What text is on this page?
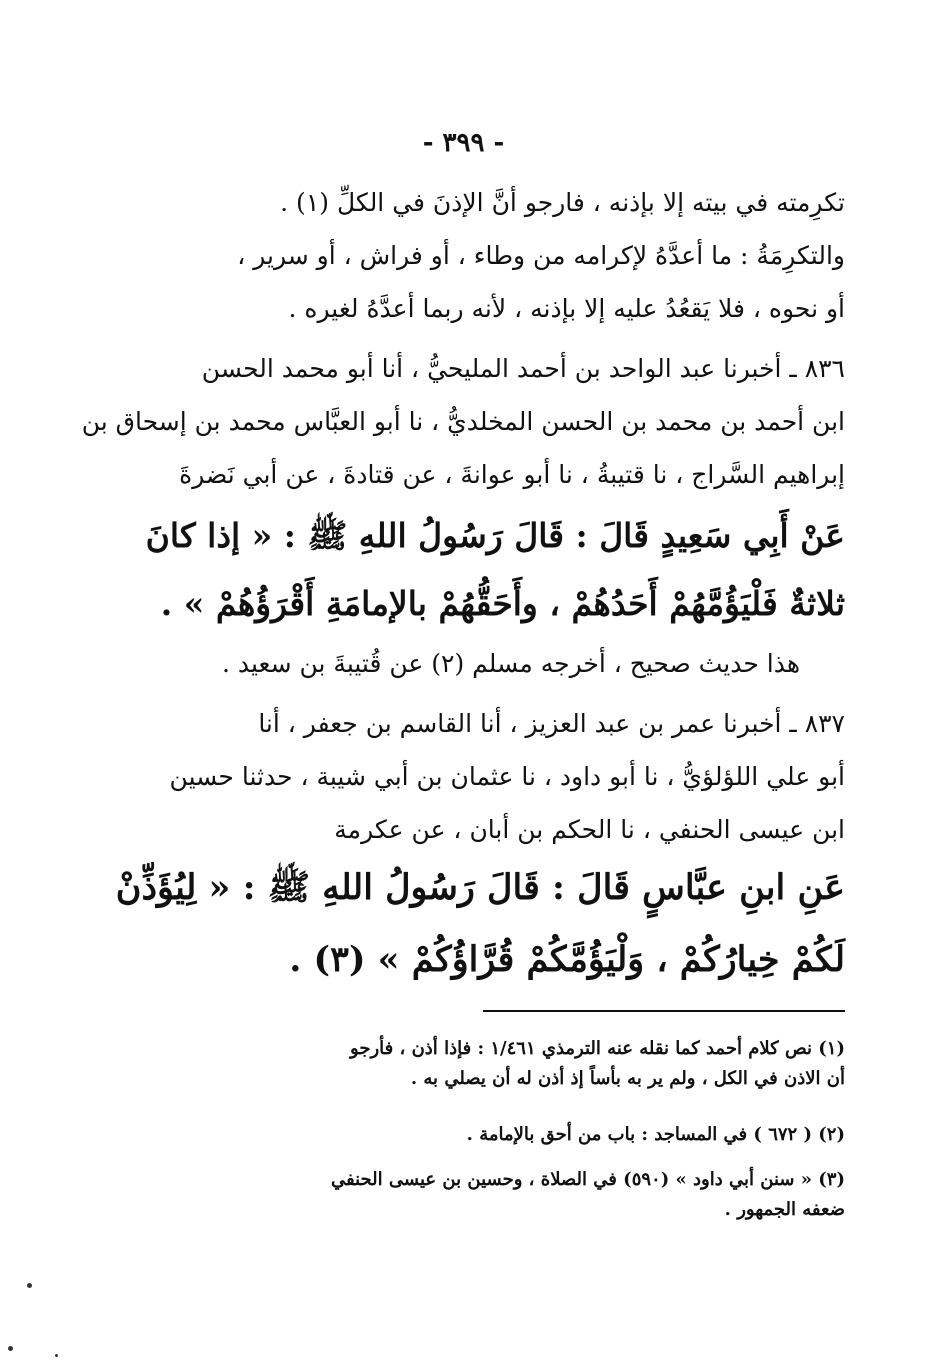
- ٣٩٩ -
تكرِمته في بيته إلا بإذنه ، فارجو أنَّ الإذنَ في الكلِّ (١) .
والتكرِمَةُ : ما أعدَّهُ لإكرامه من وطاء ، أو فراش ، أو سرير ،
أو نحوه ، فلا يَقعُدُ عليه إلا بإذنه ، لأنه ربما أعدَّهُ لغيره .
٨٣٦ ـ أخبرنا عبد الواحد بن أحمد المليحيُّ ، أنا أبو محمد الحسن
ابن أحمد بن محمد بن الحسن المخلديُّ ، نا أبو العبَّاس محمد بن إسحاق بن
إبراهيم السَّراج ، نا قتيبةُ ، نا أبو عوانةَ ، عن قتادةَ ، عن أبي نَضرةَ
عَنْ أَبِي سَعِيدٍ قَالَ : قَالَ رَسُولُ اللهِ ﷺ : « إذا كانَ
ثلاثةٌ فَلْيَؤُمَّهُمْ أَحَدُهُمْ ، وأَحَقُّهُمْ بالإمامَةِ أَقْرَؤُهُمْ » .
هذا حديث صحيح ، أخرجه مسلم (٢) عن قُتيبةَ بن سعيد .
٨٣٧ ـ أخبرنا عمر بن عبد العزيز ، أنا القاسم بن جعفر ، أنا
أبو علي اللؤلؤيُّ ، نا أبو داود ، نا عثمان بن أبي شيبة ، حدثنا حسين
ابن عيسى الحنفي ، نا الحكم بن أبان ، عن عكرمة
عَنِ ابنِ عبَّاسٍ قَالَ : قَالَ رَسُولُ اللهِ ﷺ : « لِيُؤَذِّنْ
لَكُمْ خِيارُكُمْ ، وَلْيَؤُمَّكُمْ قُرَّاؤُكُمْ » (٣) .
(١) نص كلام أحمد كما نقله عنه الترمذي ١/٤٦١ : فإذا أذن ، فأرجو
أن الاذن في الكل ، ولم ير به بأساً إذ أذن له أن يصلي به .
(٢) ( ٦٧٢ ) في المساجد : باب من أحق بالإمامة .
(٣) « سنن أبي داود » (٥٩٠) في الصلاة ، وحسين بن عيسى الحنفي
ضعفه الجمهور .
